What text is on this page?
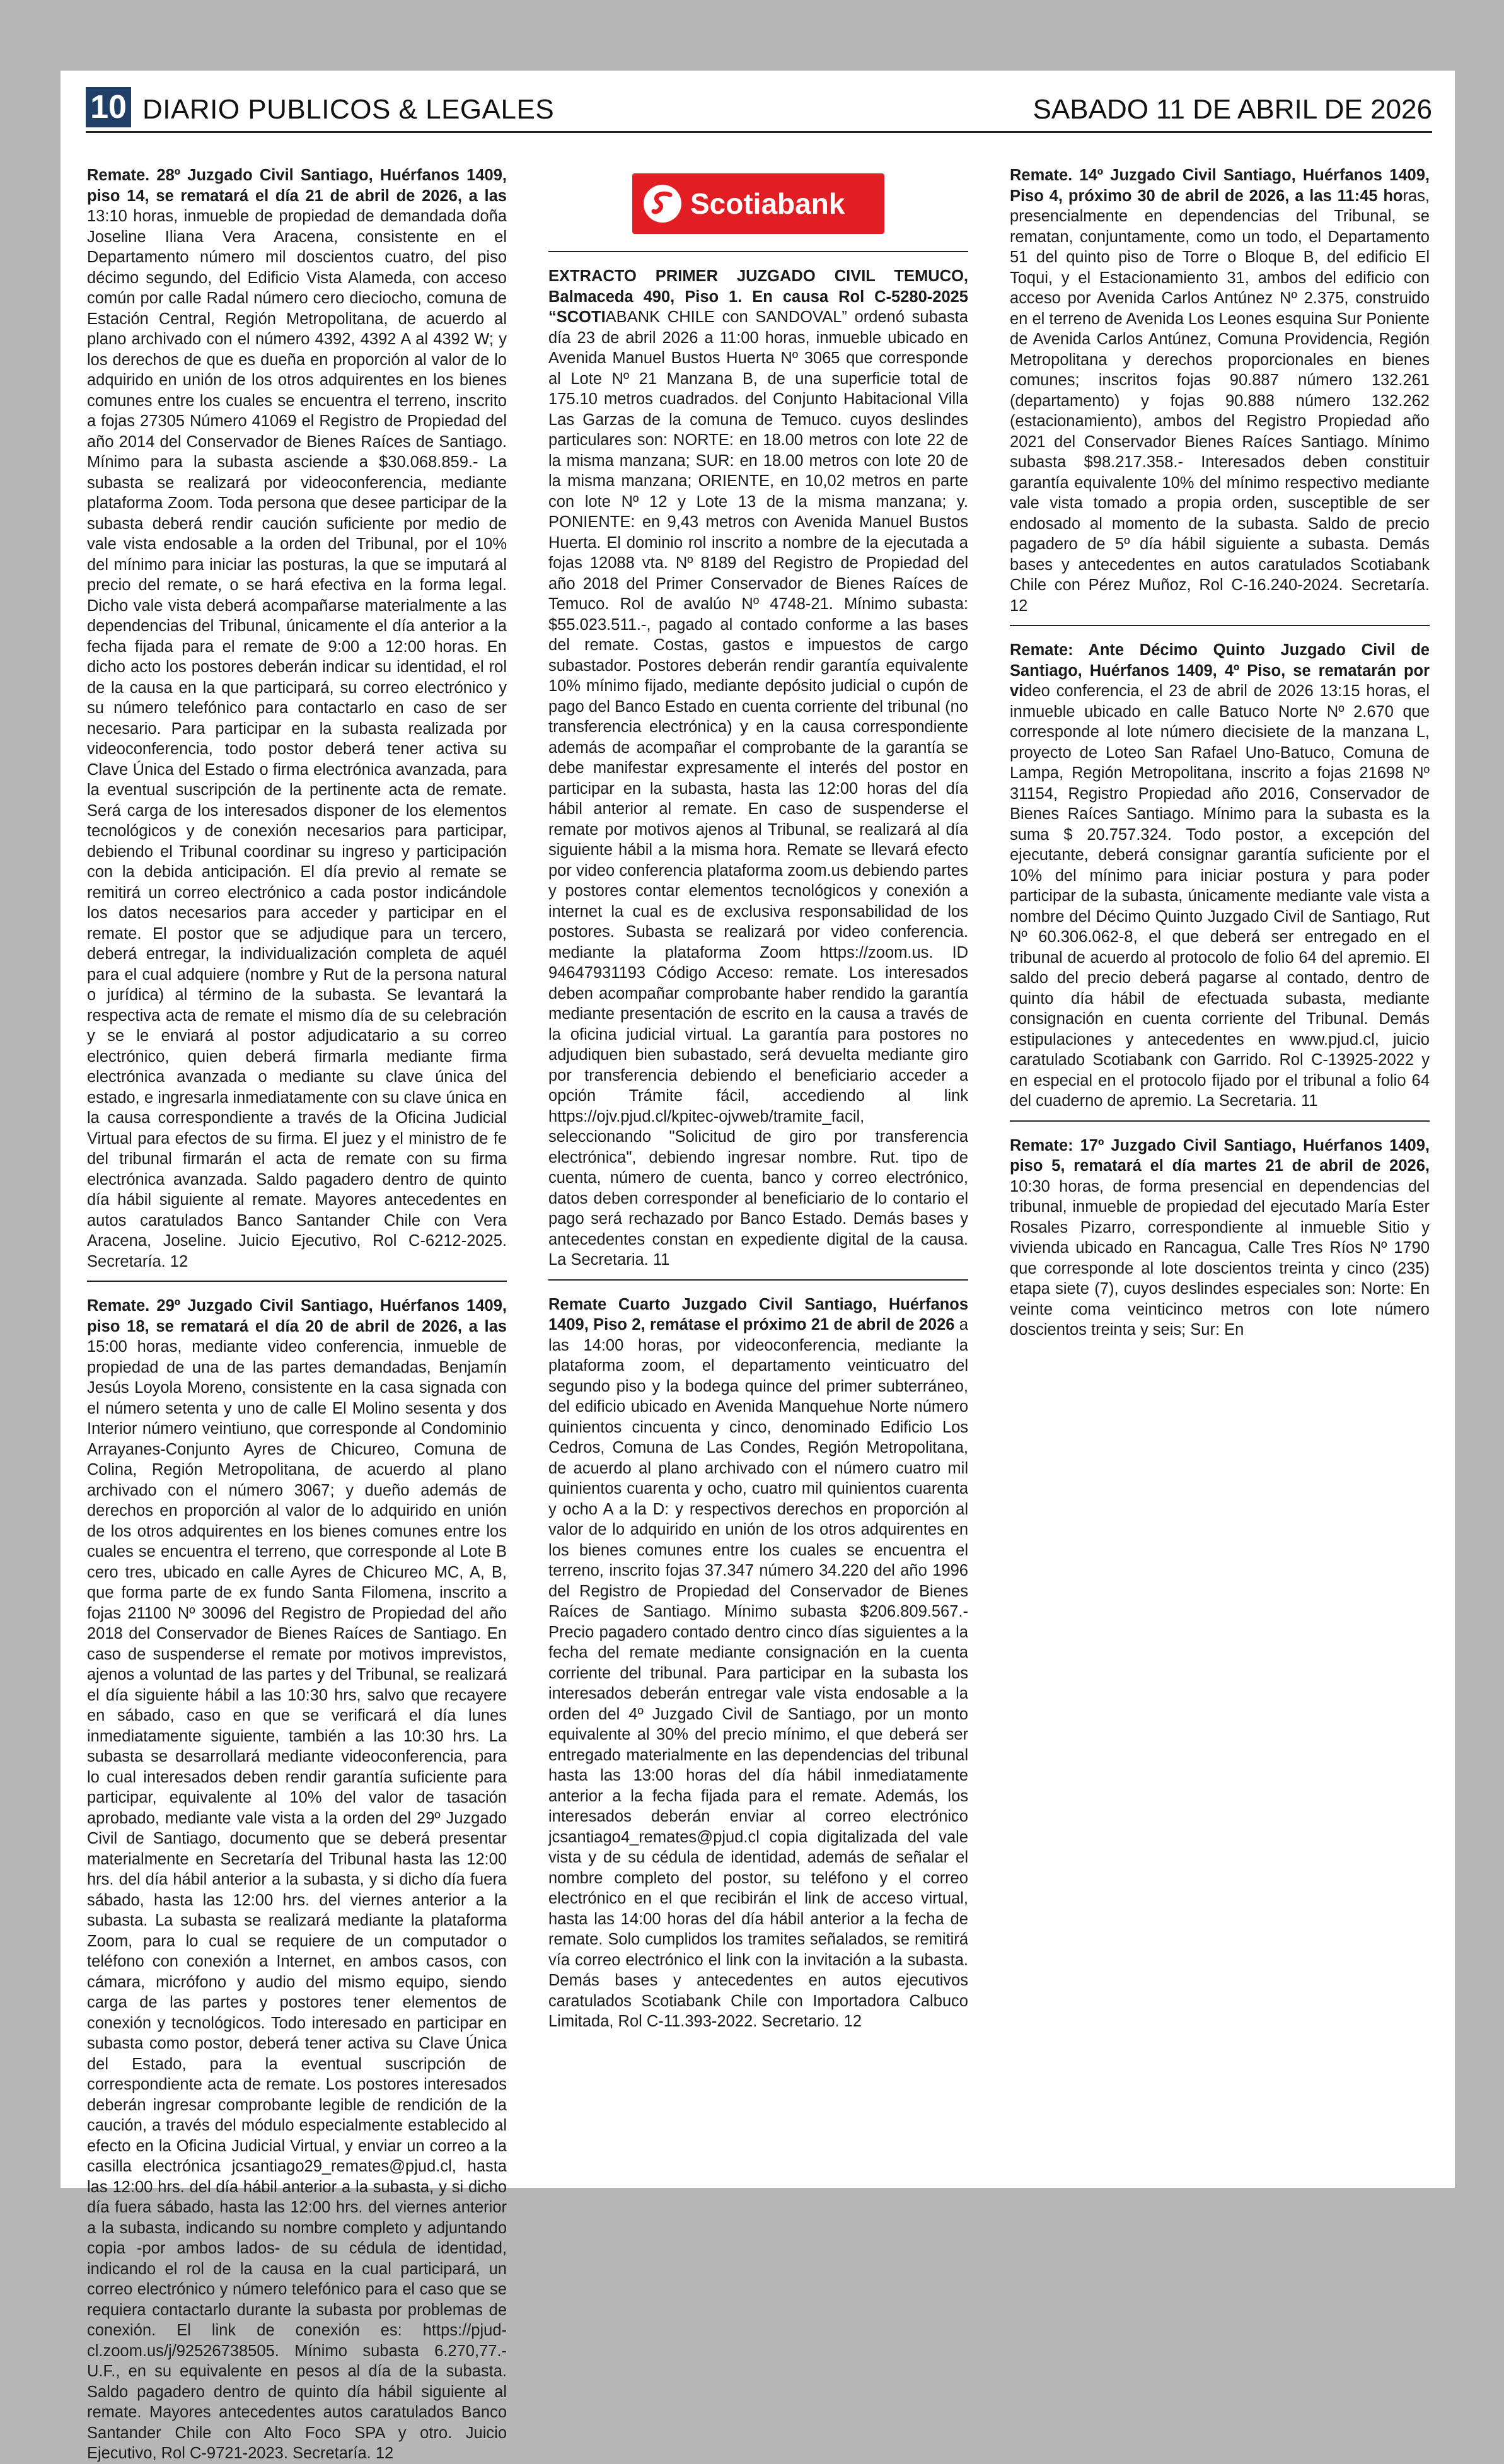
10 DIARIO PUBLICOS & LEGALES	SABADO 11 DE ABRIL DE 2026

Remate. 28º Juzgado Civil Santiago, Huérfanos 1409, piso 14, se rematará el día 21 de abril de 2026, a las 13:10 horas, inmueble de propiedad de demandada doña Joseline Iliana Vera Aracena, consistente en el Departamento número mil doscientos cuatro, del piso décimo segundo, del Edificio Vista Alameda, con acceso común por calle Radal número cero dieciocho, comuna de Estación Central, Región Metropolitana, de acuerdo al plano archivado con el número 4392, 4392 A al 4392 W; y los derechos de que es dueña en proporción al valor de lo adquirido en unión de los otros adquirentes en los bienes comunes entre los cuales se encuentra el terreno, inscrito a fojas 27305 Número 41069 el Registro de Propiedad del año 2014 del Conservador de Bienes Raíces de Santiago. Mínimo para la subasta asciende a $30.068.859.- La subasta se realizará por videoconferencia, mediante plataforma Zoom. Toda persona que desee participar de la subasta deberá rendir caución suficiente por medio de vale vista endosable a la orden del Tribunal, por el 10% del mínimo para iniciar las posturas, la que se imputará al precio del remate, o se hará efectiva en la forma legal. Dicho vale vista deberá acompañarse materialmente a las dependencias del Tribunal, únicamente el día anterior a la fecha fijada para el remate de 9:00 a 12:00 horas. En dicho acto los postores deberán indicar su identidad, el rol de la causa en la que participará, su correo electrónico y su número telefónico para contactarlo en caso de ser necesario. Para participar en la subasta realizada por videoconferencia, todo postor deberá tener activa su Clave Única del Estado o firma electrónica avanzada, para la eventual suscripción de la pertinente acta de remate. Será carga de los interesados disponer de los elementos tecnológicos y de conexión necesarios para participar, debiendo el Tribunal coordinar su ingreso y participación con la debida anticipación. El día previo al remate se remitirá un correo electrónico a cada postor indicándole los datos necesarios para acceder y participar en el remate. El postor que se adjudique para un tercero, deberá entregar, la individualización completa de aquél para el cual adquiere (nombre y Rut de la persona natural o jurídica) al término de la subasta. Se levantará la respectiva acta de remate el mismo día de su celebración y se le enviará al postor adjudicatario a su correo electrónico, quien deberá firmarla mediante firma electrónica avanzada o mediante su clave única del estado, e ingresarla inmediatamente con su clave única en la causa correspondiente a través de la Oficina Judicial Virtual para efectos de su firma. El juez y el ministro de fe del tribunal firmarán el acta de remate con su firma electrónica avanzada. Saldo pagadero dentro de quinto día hábil siguiente al remate. Mayores antecedentes en autos caratulados Banco Santander Chile con Vera Aracena, Joseline. Juicio Ejecutivo, Rol C-6212-2025. Secretaría. 12

Remate. 29º Juzgado Civil Santiago, Huérfanos 1409, piso 18, se rematará el día 20 de abril de 2026, a las 15:00 horas, mediante video conferencia, inmueble de propiedad de una de las partes demandadas, Benjamín Jesús Loyola Moreno, consistente en la casa signada con el número setenta y uno de calle El Molino sesenta y dos Interior número veintiuno, que corresponde al Condominio Arrayanes-Conjunto Ayres de Chicureo, Comuna de Colina, Región Metropolitana, de acuerdo al plano archivado con el número 3067; y dueño además de derechos en proporción al valor de lo adquirido en unión de los otros adquirentes en los bienes comunes entre los cuales se encuentra el terreno, que corresponde al Lote B cero tres, ubicado en calle Ayres de Chicureo MC, A, B, que forma parte de ex fundo Santa Filomena, inscrito a fojas 21100 Nº 30096 del Registro de Propiedad del año 2018 del Conservador de Bienes Raíces de Santiago. En caso de suspenderse el remate por motivos imprevistos, ajenos a voluntad de las partes y del Tribunal, se realizará el día siguiente hábil a las 10:30 hrs, salvo que recayere en sábado, caso en que se verificará el día lunes inmediatamente siguiente, también a las 10:30 hrs. La subasta se desarrollará mediante videoconferencia, para lo cual interesados deben rendir garantía suficiente para participar, equivalente al 10% del valor de tasación aprobado, mediante vale vista a la orden del 29º Juzgado Civil de Santiago, documento que se deberá presentar materialmente en Secretaría del Tribunal hasta las 12:00 hrs. del día hábil anterior a la subasta, y si dicho día fuera sábado, hasta las 12:00 hrs. del viernes anterior a la subasta. La subasta se realizará mediante la plataforma Zoom, para lo cual se requiere de un computador o teléfono con conexión a Internet, en ambos casos, con cámara, micrófono y audio del mismo equipo, siendo carga de las partes y postores tener elementos de conexión y tecnológicos. Todo interesado en participar en subasta como postor, deberá tener activa su Clave Única del Estado, para la eventual suscripción de correspondiente acta de remate. Los postores interesados deberán ingresar comprobante legible de rendición de la caución, a través del módulo especialmente establecido al efecto en la Oficina Judicial Virtual, y enviar un correo a la casilla electrónica jcsantiago29_remates@pjud.cl, hasta las 12:00 hrs. del día hábil anterior a la subasta, y si dicho día fuera sábado, hasta las 12:00 hrs. del viernes anterior a la subasta, indicando su nombre completo y adjuntando copia -por ambos lados- de su cédula de identidad, indicando el rol de la causa en la cual participará, un correo electrónico y número telefónico para el caso que se requiera contactarlo durante la subasta por problemas de conexión. El link de conexión es: https://pjud-cl.zoom.us/j/92526738505. Mínimo subasta 6.270,77.-U.F., en su equivalente en pesos al día de la subasta. Saldo pagadero dentro de quinto día hábil siguiente al remate. Mayores antecedentes autos caratulados Banco Santander Chile con Alto Foco SPA y otro. Juicio Ejecutivo, Rol C-9721-2023. Secretaría. 12

Scotiabank

EXTRACTO PRIMER JUZGADO CIVIL TEMUCO, Balmaceda 490, Piso 1. En causa Rol C-5280-2025 “SCOTIABANK CHILE con SANDOVAL” ordenó subasta día 23 de abril 2026 a 11:00 horas, inmueble ubicado en Avenida Manuel Bustos Huerta Nº 3065 que corresponde al Lote Nº 21 Manzana B, de una superficie total de 175.10 metros cuadrados. del Conjunto Habitacional Villa Las Garzas de la comuna de Temuco. cuyos deslindes particulares son: NORTE: en 18.00 metros con lote 22 de la misma manzana; SUR: en 18.00 metros con lote 20 de la misma manzana; ORIENTE, en 10,02 metros en parte con lote Nº 12 y Lote 13 de la misma manzana; y. PONIENTE: en 9,43 metros con Avenida Manuel Bustos Huerta. El dominio rol inscrito a nombre de la ejecutada a fojas 12088 vta. Nº 8189 del Registro de Propiedad del año 2018 del Primer Conservador de Bienes Raíces de Temuco. Rol de avalúo Nº 4748-21. Mínimo subasta: $55.023.511.-, pagado al contado conforme a las bases del remate. Costas, gastos e impuestos de cargo subastador. Postores deberán rendir garantía equivalente 10% mínimo fijado, mediante depósito judicial o cupón de pago del Banco Estado en cuenta corriente del tribunal (no transferencia electrónica) y en la causa correspondiente además de acompañar el comprobante de la garantía se debe manifestar expresamente el interés del postor en participar en la subasta, hasta las 12:00 horas del día hábil anterior al remate. En caso de suspenderse el remate por motivos ajenos al Tribunal, se realizará al día siguiente hábil a la misma hora. Remate se llevará efecto por video conferencia plataforma zoom.us debiendo partes y postores contar elementos tecnológicos y conexión a internet la cual es de exclusiva responsabilidad de los postores. Subasta se realizará por video conferencia. mediante la plataforma Zoom https://zoom.us. ID 94647931193 Código Acceso: remate. Los interesados deben acompañar comprobante haber rendido la garantía mediante presentación de escrito en la causa a través de la oficina judicial virtual. La garantía para postores no adjudiquen bien subastado, será devuelta mediante giro por transferencia debiendo el beneficiario acceder a opción Trámite fácil, accediendo al link https://ojv.pjud.cl/kpitec-ojvweb/tramite_facil, seleccionando "Solicitud de giro por transferencia electrónica", debiendo ingresar nombre. Rut. tipo de cuenta, número de cuenta, banco y correo electrónico, datos deben corresponder al beneficiario de lo contario el pago será rechazado por Banco Estado. Demás bases y antecedentes constan en expediente digital de la causa. La Secretaria. 11

Remate Cuarto Juzgado Civil Santiago, Huérfanos 1409, Piso 2, remátase el próximo 21 de abril de 2026 a las 14:00 horas, por videoconferencia, mediante la plataforma zoom, el departamento veinticuatro del segundo piso y la bodega quince del primer subterráneo, del edificio ubicado en Avenida Manquehue Norte número quinientos cincuenta y cinco, denominado Edificio Los Cedros, Comuna de Las Condes, Región Metropolitana, de acuerdo al plano archivado con el número cuatro mil quinientos cuarenta y ocho, cuatro mil quinientos cuarenta y ocho A a la D: y respectivos derechos en proporción al valor de lo adquirido en unión de los otros adquirentes en los bienes comunes entre los cuales se encuentra el terreno, inscrito fojas 37.347 número 34.220 del año 1996 del Registro de Propiedad del Conservador de Bienes Raíces de Santiago. Mínimo subasta $206.809.567.- Precio pagadero contado dentro cinco días siguientes a la fecha del remate mediante consignación en la cuenta corriente del tribunal. Para participar en la subasta los interesados deberán entregar vale vista endosable a la orden del 4º Juzgado Civil de Santiago, por un monto equivalente al 30% del precio mínimo, el que deberá ser entregado materialmente en las dependencias del tribunal hasta las 13:00 horas del día hábil inmediatamente anterior a la fecha fijada para el remate. Además, los interesados deberán enviar al correo electrónico jcsantiago4_remates@pjud.cl copia digitalizada del vale vista y de su cédula de identidad, además de señalar el nombre completo del postor, su teléfono y el correo electrónico en el que recibirán el link de acceso virtual, hasta las 14:00 horas del día hábil anterior a la fecha de remate. Solo cumplidos los tramites señalados, se remitirá vía correo electrónico el link con la invitación a la subasta. Demás bases y antecedentes en autos ejecutivos caratulados Scotiabank Chile con Importadora Calbuco Limitada, Rol C-11.393-2022. Secretario. 12

Remate. 14º Juzgado Civil Santiago, Huérfanos 1409, Piso 4, próximo 30 de abril de 2026, a las 11:45 horas, presencialmente en dependencias del Tribunal, se rematan, conjuntamente, como un todo, el Departamento 51 del quinto piso de Torre o Bloque B, del edificio El Toqui, y el Estacionamiento 31, ambos del edificio con acceso por Avenida Carlos Antúnez Nº 2.375, construido en el terreno de Avenida Los Leones esquina Sur Poniente de Avenida Carlos Antúnez, Comuna Providencia, Región Metropolitana y derechos proporcionales en bienes comunes; inscritos fojas 90.887 número 132.261 (departamento) y fojas 90.888 número 132.262 (estacionamiento), ambos del Registro Propiedad año 2021 del Conservador Bienes Raíces Santiago. Mínimo subasta $98.217.358.- Interesados deben constituir garantía equivalente 10% del mínimo respectivo mediante vale vista tomado a propia orden, susceptible de ser endosado al momento de la subasta. Saldo de precio pagadero de 5º día hábil siguiente a subasta. Demás bases y antecedentes en autos caratulados Scotiabank Chile con Pérez Muñoz, Rol C-16.240-2024. Secretaría. 12

Remate: Ante Décimo Quinto Juzgado Civil de Santiago, Huérfanos 1409, 4º Piso, se rematarán por video conferencia, el 23 de abril de 2026 13:15 horas, el inmueble ubicado en calle Batuco Norte Nº 2.670 que corresponde al lote número diecisiete de la manzana L, proyecto de Loteo San Rafael Uno-Batuco, Comuna de Lampa, Región Metropolitana, inscrito a fojas 21698 Nº 31154, Registro Propiedad año 2016, Conservador de Bienes Raíces Santiago. Mínimo para la subasta es la suma $ 20.757.324. Todo postor, a excepción del ejecutante, deberá consignar garantía suficiente por el 10% del mínimo para iniciar postura y para poder participar de la subasta, únicamente mediante vale vista a nombre del Décimo Quinto Juzgado Civil de Santiago, Rut Nº 60.306.062-8, el que deberá ser entregado en el tribunal de acuerdo al protocolo de folio 64 del apremio. El saldo del precio deberá pagarse al contado, dentro de quinto día hábil de efectuada subasta, mediante consignación en cuenta corriente del Tribunal. Demás estipulaciones y antecedentes en www.pjud.cl, juicio caratulado Scotiabank con Garrido. Rol C-13925-2022 y en especial en el protocolo fijado por el tribunal a folio 64 del cuaderno de apremio. La Secretaria. 11

Remate: 17º Juzgado Civil Santiago, Huérfanos 1409, piso 5, rematará el día martes 21 de abril de 2026, 10:30 horas, de forma presencial en dependencias del tribunal, inmueble de propiedad del ejecutado María Ester Rosales Pizarro, correspondiente al inmueble Sitio y vivienda ubicado en Rancagua, Calle Tres Ríos Nº 1790 que corresponde al lote doscientos treinta y cinco (235) etapa siete (7), cuyos deslindes especiales son: Norte: En veinte coma veinticinco metros con lote número doscientos treinta y seis; Sur: En
